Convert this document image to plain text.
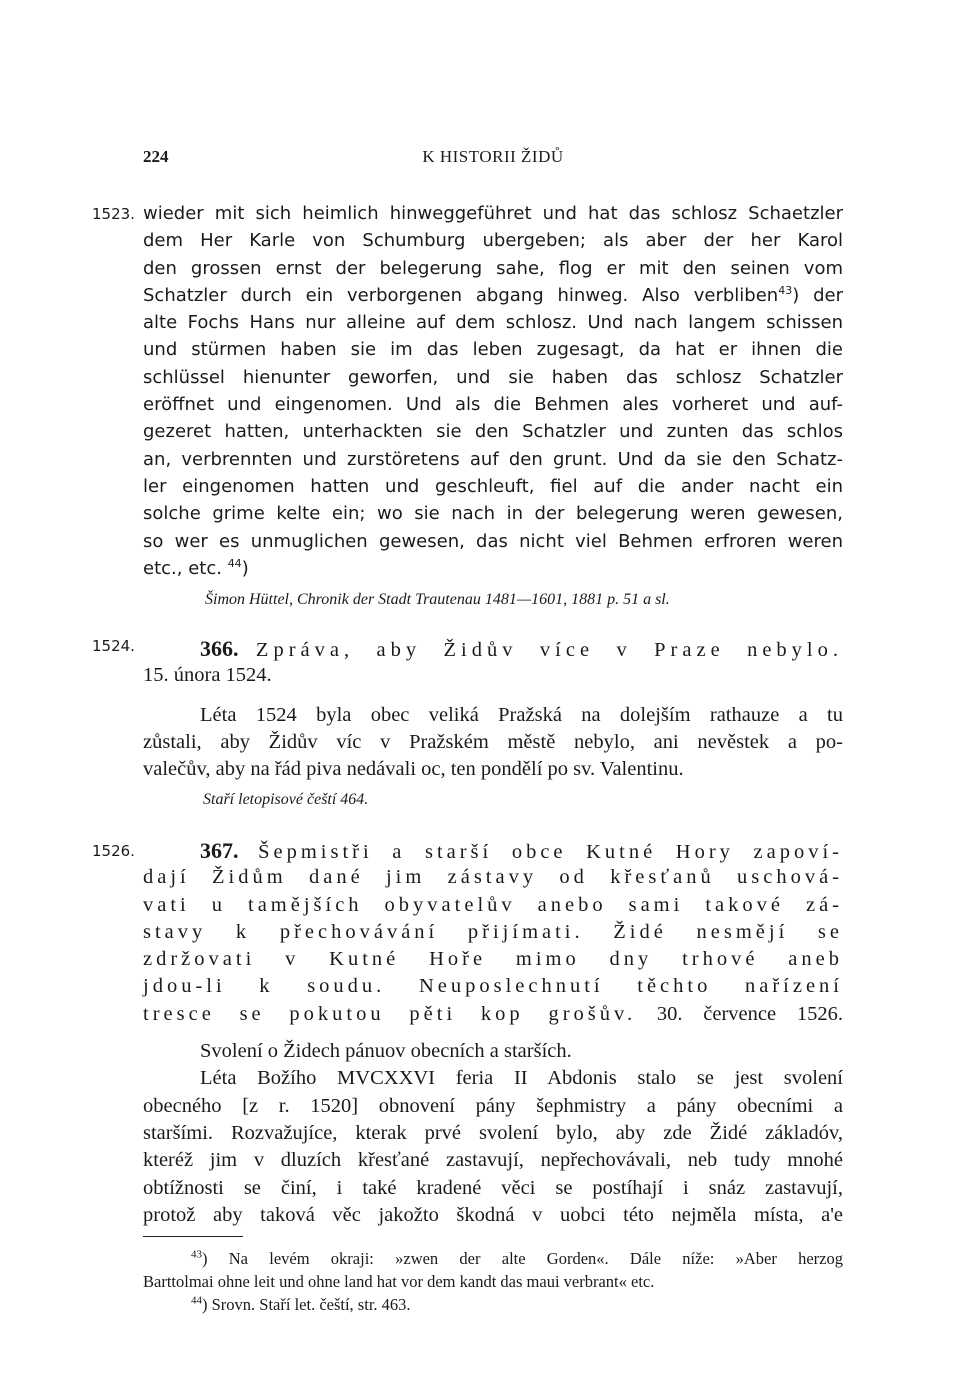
224	K HISTORII ŽIDŮ
1523.
1524.
1526.
wieder mit sich heimlich hinweggeführet und hat das schlosz Schaetzler
dem Her Karle von Schumburg ubergeben; als aber der her Karol
den grossen ernst der belegerung sahe, flog er mit den seinen vom
Schatzler durch ein verborgenen abgang hinweg. Also verbliben$^{43}$) der
alte Fochs Hans nur alleine auf dem schlosz. Und nach langem schissen
und stürmen haben sie im das leben zugesagt, da hat er ihnen die
schlüssel hienunter geworfen, und sie haben das schlosz Schatzler
eröffnet und eingenomen. Und als die Behmen ales vorheret und auf-
gezeret hatten, unterhackten sie den Schatzler und zunten das schlos
an, verbrennten und zurstöretens auf den grunt. Und da sie den Schatz-
ler eingenomen hatten und geschleuft, fiel auf die ander nacht ein
solche grime kelte ein; wo sie nach in der belegerung weren gewesen,
so wer es unmuglichen gewesen, das nicht viel Behmen erfroren weren
etc., etc. $^{44}$)
Šimon Hüttel, Chronik der Stadt Trautenau 1481—1601, 1881 p. 51 a sl.
366. Zpráva, aby Židův více v Praze nebylo.
15. února 1524.
Léta 1524 byla obec veliká Pražská na dolejším rathauze a tu
zůstali, aby Židův víc v Pražském městě nebylo, ani nevěstek a po-
valečův, aby na řád piva nedávali oc, ten pondělí po sv. Valentinu.
Staří letopisové čeští 464.
367. Šepmistři a starší obce Kutné Hory zapoví-
dají Židům dané jim zástavy od křesťanů uschová-
vati u tamějších obyvatelův anebo sami takové zá-
stavy k přechovávání přijímati. Židé nesmějí se
zdržovati v Kutné Hoře mimo dny trhové aneb
jdou-li k soudu. Neuposlechnutí těchto nařízení
tresce se pokutou pěti kop grošův. 30. července 1526.
Svolení o Židech pánuov obecních a starších.
Léta Božího MVCXXVI feria II Abdonis stalo se jest svolení
obecného [z r. 1520] obnovení pány šephmistry a pány obecními a
staršími. Rozvažujíce, kterak prvé svolení bylo, aby zde Židé základóv,
kteréž jim v dluzích křesťané zastavují, nepřechovávali, neb tudy mnohé
obtížnosti se činí, i také kradené věci se postíhají i snáz zastavují,
protož aby taková věc jakožto škodná v uobci této nejměla místa, a'e
$^{43}$) Na levém okraji: »zwen der alte Gorden«. Dále níže: »Aber herzog
Barttolmai ohne leit und ohne land hat vor dem kandt das maui verbrant« etc.
$^{44}$) Srovn. Staří let. čeští, str. 463.
